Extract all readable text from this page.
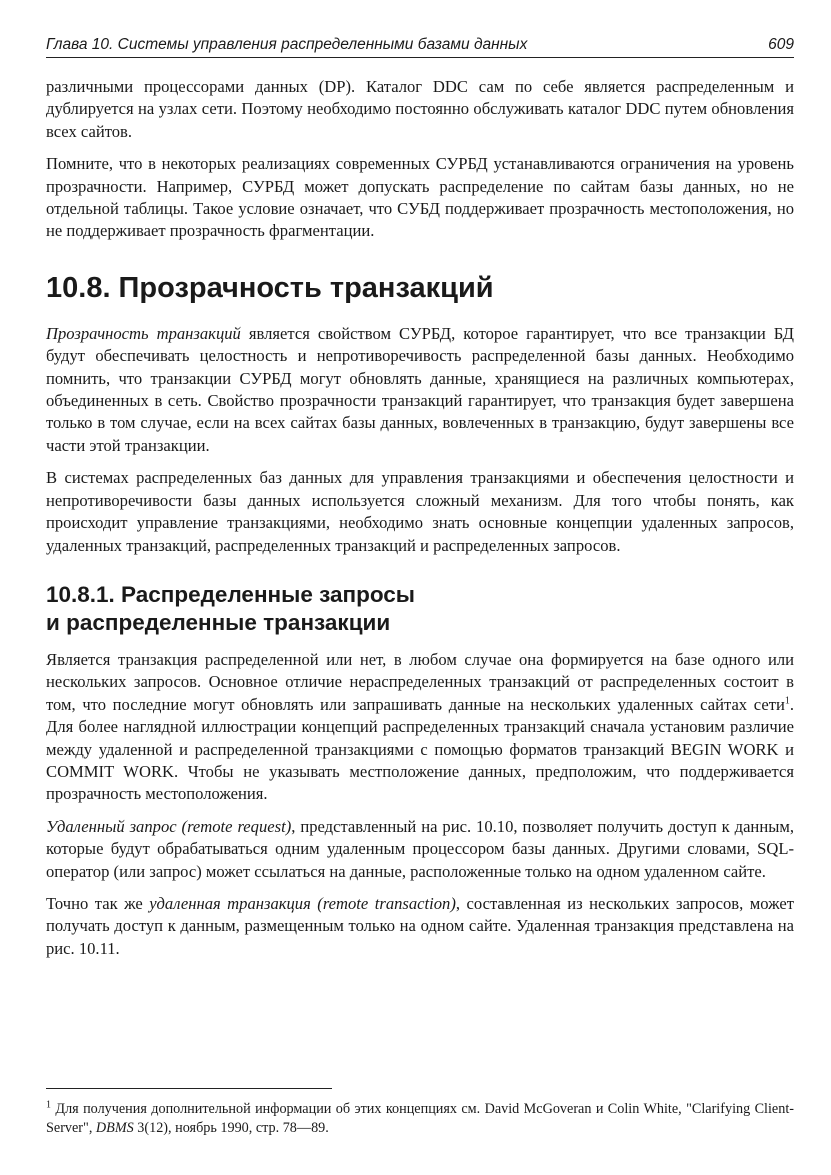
Глава 10. Системы управления распределенными базами данных	609

различными процессорами данных (DP). Каталог DDC сам по себе является распределенным и дублируется на узлах сети. Поэтому необходимо постоянно обслуживать каталог DDC путем обновления всех сайтов.

Помните, что в некоторых реализациях современных СУРБД устанавливаются ограничения на уровень прозрачности. Например, СУРБД может допускать распределение по сайтам базы данных, но не отдельной таблицы. Такое условие означает, что СУБД поддерживает прозрачность местоположения, но не поддерживает прозрачность фрагментации.

10.8. Прозрачность транзакций

Прозрачность транзакций является свойством СУРБД, которое гарантирует, что все транзакции БД будут обеспечивать целостность и непротиворечивость распределенной базы данных. Необходимо помнить, что транзакции СУРБД могут обновлять данные, хранящиеся на различных компьютерах, объединенных в сеть. Свойство прозрачности транзакций гарантирует, что транзакция будет завершена только в том случае, если на всех сайтах базы данных, вовлеченных в транзакцию, будут завершены все части этой транзакции.

В системах распределенных баз данных для управления транзакциями и обеспечения целостности и непротиворечивости базы данных используется сложный механизм. Для того чтобы понять, как происходит управление транзакциями, необходимо знать основные концепции удаленных запросов, удаленных транзакций, распределенных транзакций и распределенных запросов.

10.8.1. Распределенные запросы
и распределенные транзакции

Является транзакция распределенной или нет, в любом случае она формируется на базе одного или нескольких запросов. Основное отличие нераспределенных транзакций от распределенных состоит в том, что последние могут обновлять или запрашивать данные на нескольких удаленных сайтах сети$^1$. Для более наглядной иллюстрации концепций распределенных транзакций сначала установим различие между удаленной и распределенной транзакциями с помощью форматов транзакций BEGIN WORK и COMMIT WORK. Чтобы не указывать местположение данных, предположим, что поддерживается прозрачность местоположения.

Удаленный запрос (remote request), представленный на рис. 10.10, позволяет получить доступ к данным, которые будут обрабатываться одним удаленным процессором базы данных. Другими словами, SQL-оператор (или запрос) может ссылаться на данные, расположенные только на одном удаленном сайте.

Точно так же удаленная транзакция (remote transaction), составленная из нескольких запросов, может получать доступ к данным, размещенным только на одном сайте. Удаленная транзакция представлена на рис. 10.11.

$^1$ Для получения дополнительной информации об этих концепциях см. David McGoveran и Colin White, "Clarifying Client-Server", DBMS 3(12), ноябрь 1990, стр. 78—89.
